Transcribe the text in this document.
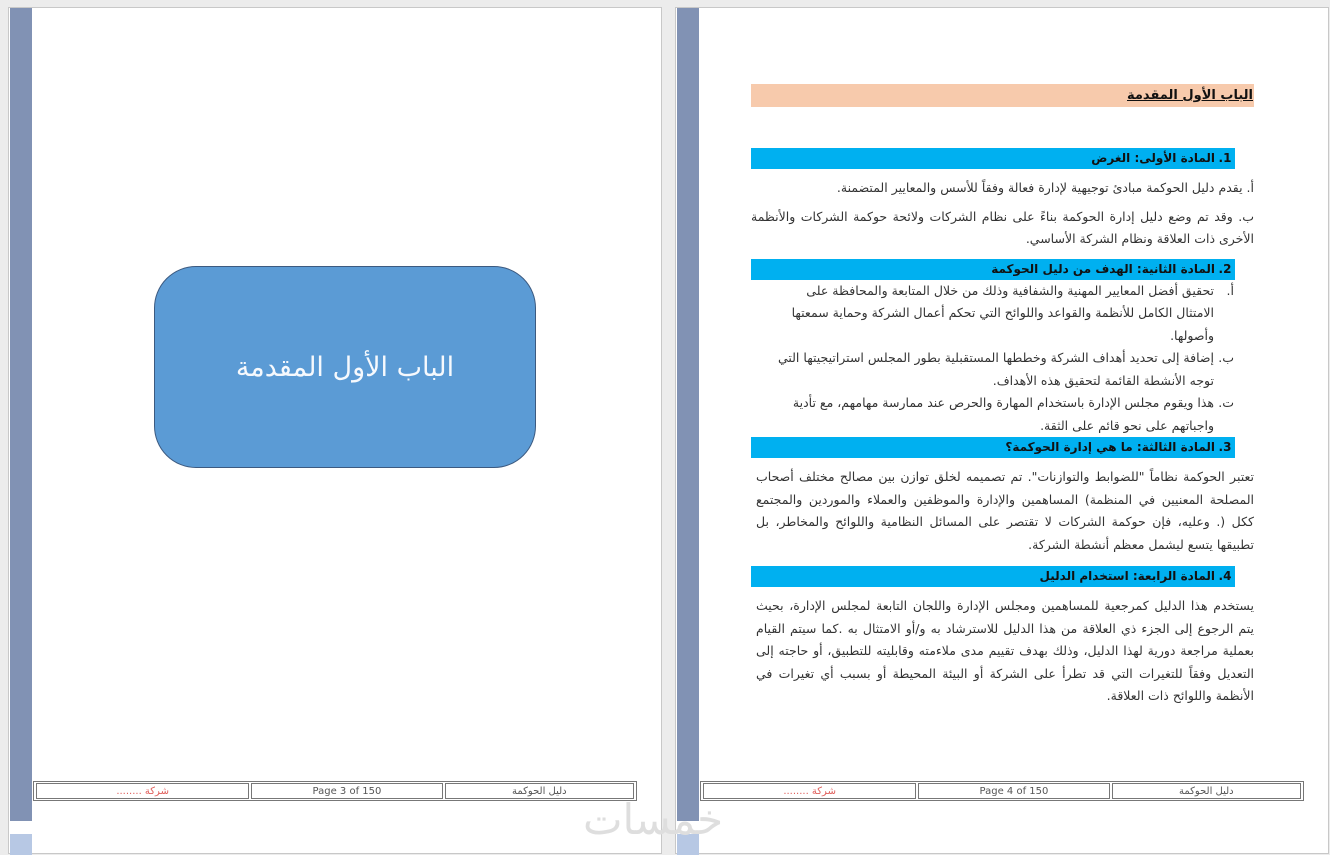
الباب الأول المقدمة
شركة ........	Page 3 of 150	دليل الحوكمة
الباب الأول المقدمة
1.
المادة الأولى: الغرض
أ. يقدم دليل الحوكمة مبادئ توجيهية لإدارة فعالة وفقاً للأسس والمعايير المتضمنة.
ب. وقد تم وضع دليل إدارة الحوكمة بناءً على نظام الشركات ولائحة حوكمة الشركات والأنظمة الأخرى ذات العلاقة ونظام الشركة الأساسي.
2.
المادة الثانية: الهدف من دليل الحوكمة
أ.
تحقيق أفضل المعايير المهنية والشفافية وذلك من خلال المتابعة والمحافظة على الامتثال الكامل للأنظمة والقواعد واللوائح التي تحكم أعمال الشركة وحماية سمعتها وأصولها.
ب.
إضافة إلى تحديد أهداف الشركة وخططها المستقبلية بطور المجلس استراتيجيتها التي توجه الأنشطة القائمة لتحقيق هذه الأهداف.
ت.
هذا ويقوم مجلس الإدارة باستخدام المهارة والحرص عند ممارسة مهامهم، مع تأدية واجباتهم على نحو قائم على الثقة.
3.
المادة الثالثة: ما هي إدارة الحوكمة؟
تعتبر الحوكمة نظاماً "للضوابط والتوازنات". تم تصميمه لخلق توازن بين مصالح مختلف أصحاب المصلحة المعنيين في المنظمة) المساهمين والإدارة والموظفين والعملاء والموردين والمجتمع ككل (. وعليه، فإن حوكمة الشركات لا تقتصر على المسائل النظامية واللوائح والمخاطر، بل تطبيقها يتسع ليشمل معظم أنشطة الشركة.
4.
المادة الرابعة: استخدام الدليل
يستخدم هذا الدليل كمرجعية للمساهمين ومجلس الإدارة واللجان التابعة لمجلس الإدارة، بحيث يتم الرجوع إلى الجزء ذي العلاقة من هذا الدليل للاسترشاد به و/أو الامتثال به .كما سيتم القيام بعملية مراجعة دورية لهذا الدليل، وذلك بهدف تقييم مدى ملاءمته وقابليته للتطبيق، أو حاجته إلى التعديل وفقاً للتغيرات التي قد تطرأ على الشركة أو البيئة المحيطة أو بسبب أي تغيرات في الأنظمة واللوائح ذات العلاقة.
شركة ........	Page 4 of 150	دليل الحوكمة
خمسات
